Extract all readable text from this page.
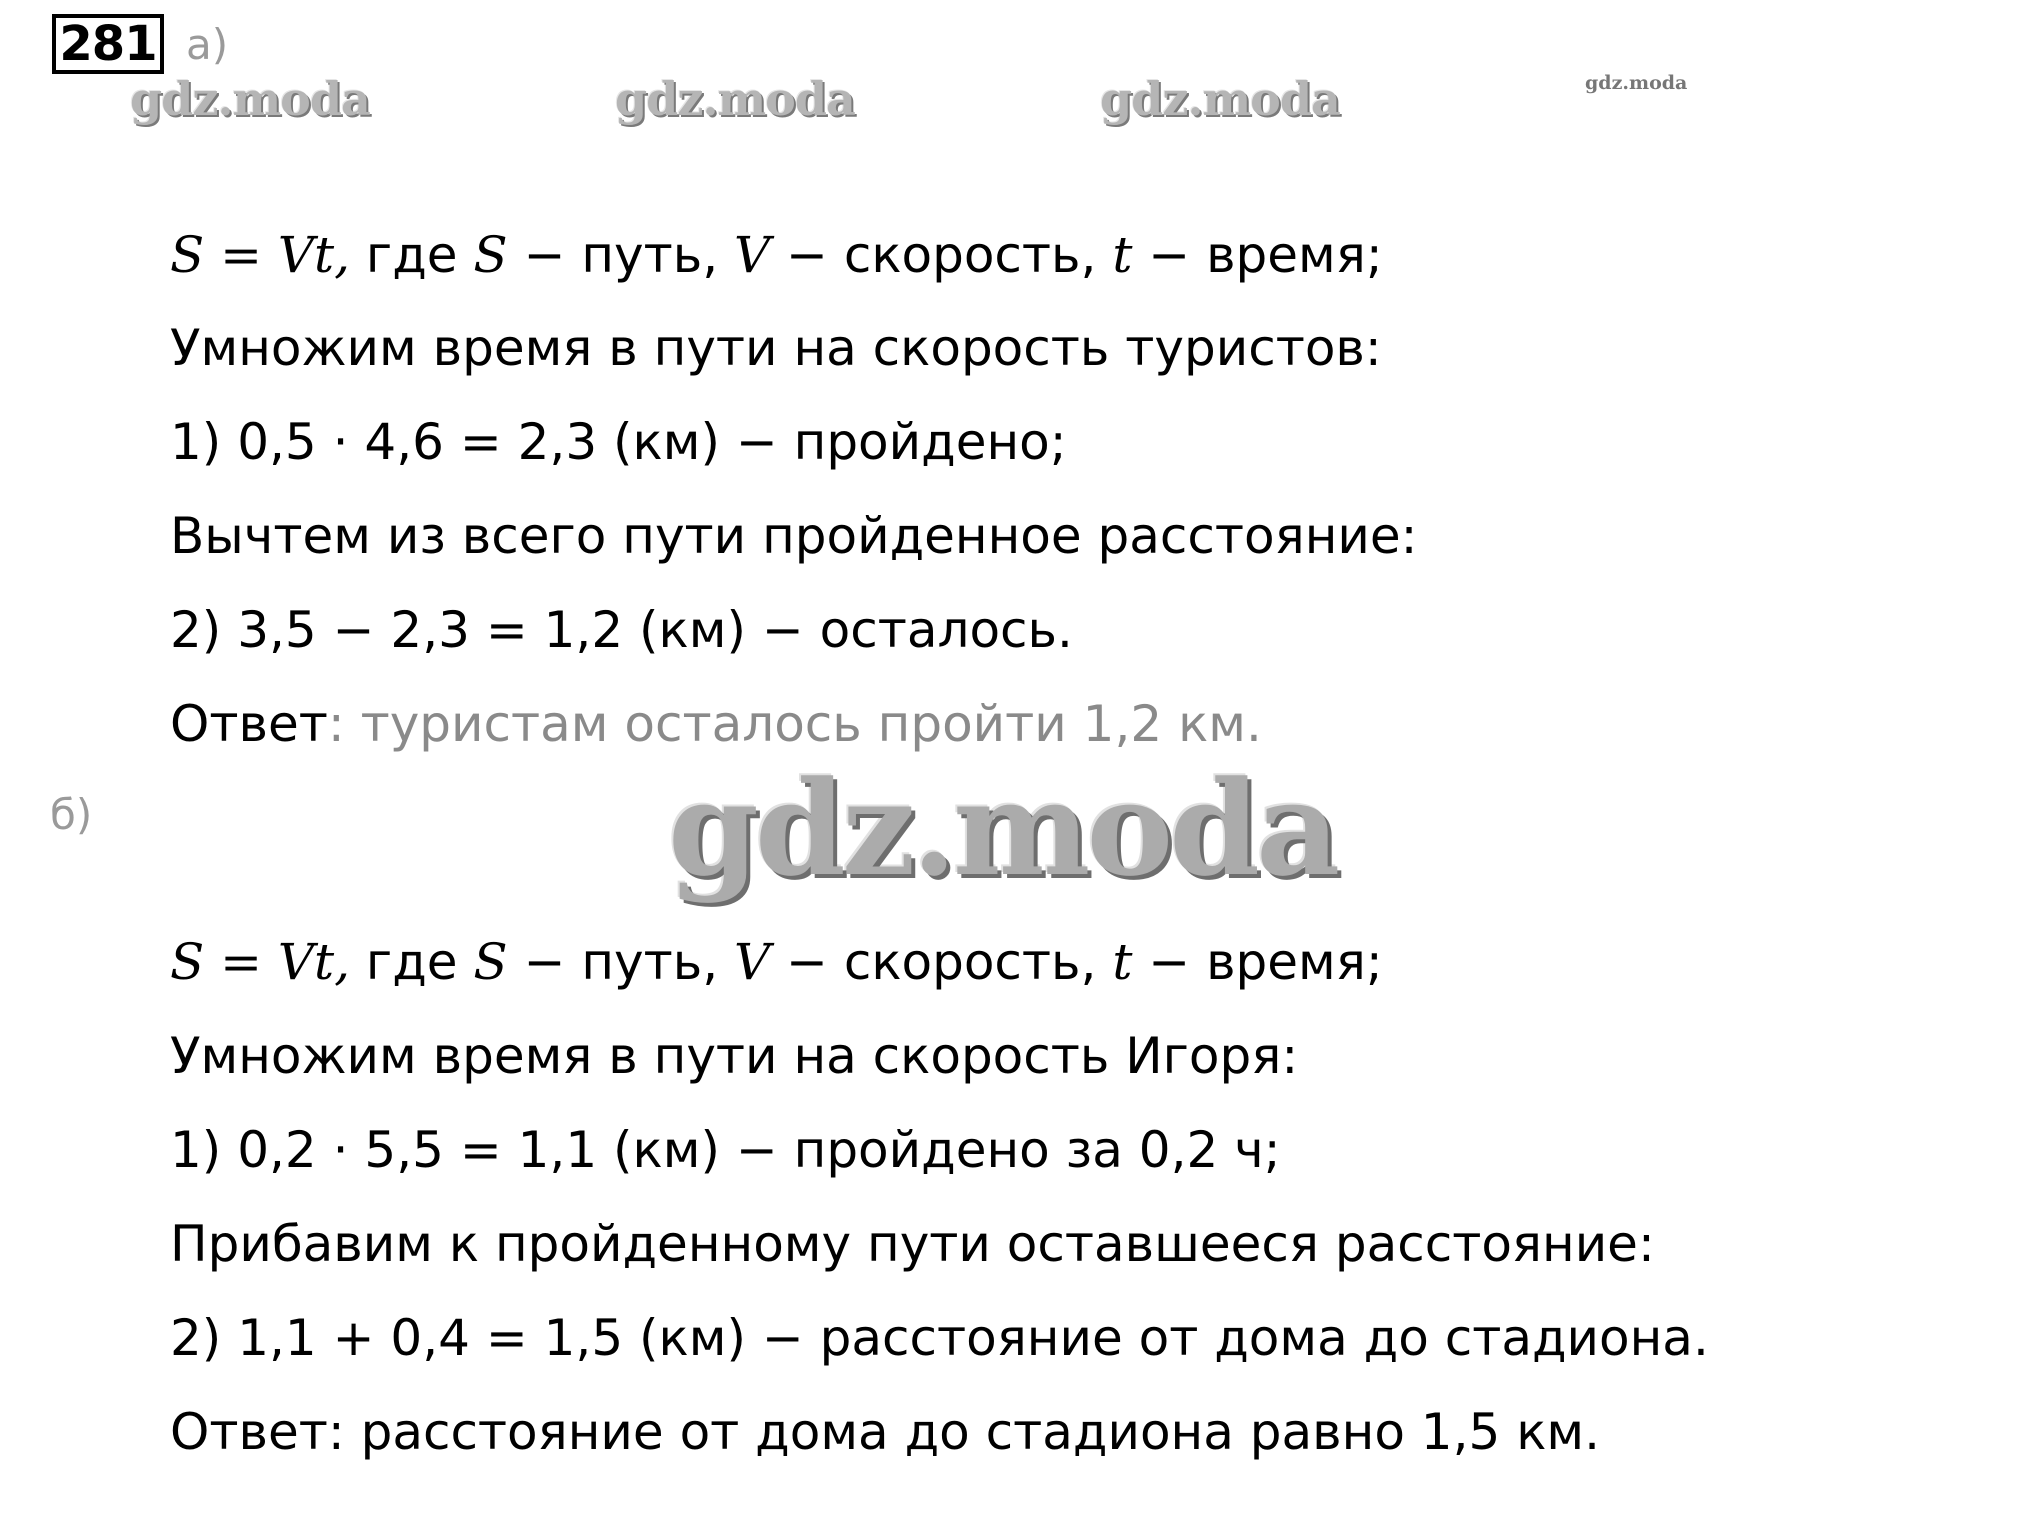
281 а)
gdz.moda	gdz.moda	gdz.moda	gdz.moda
S = Vt, где S − путь, V − скорость, t − время;
Умножим время в пути на скорость туристов:
1) 0,5 · 4,6 = 2,3 (км) − пройдено;
Вычтем из всего пути пройденное расстояние:
2) 3,5 − 2,3 = 1,2 (км) − осталось.
Ответ: туристам осталось пройти 1,2 км.
б)	gdz.moda
S = Vt, где S − путь, V − скорость, t − время;
Умножим время в пути на скорость Игоря:
1) 0,2 · 5,5 = 1,1 (км) − пройдено за 0,2 ч;
Прибавим к пройденному пути оставшееся расстояние:
2) 1,1 + 0,4 = 1,5 (км) − расстояние от дома до стадиона.
Ответ: расстояние от дома до стадиона равно 1,5 км.
